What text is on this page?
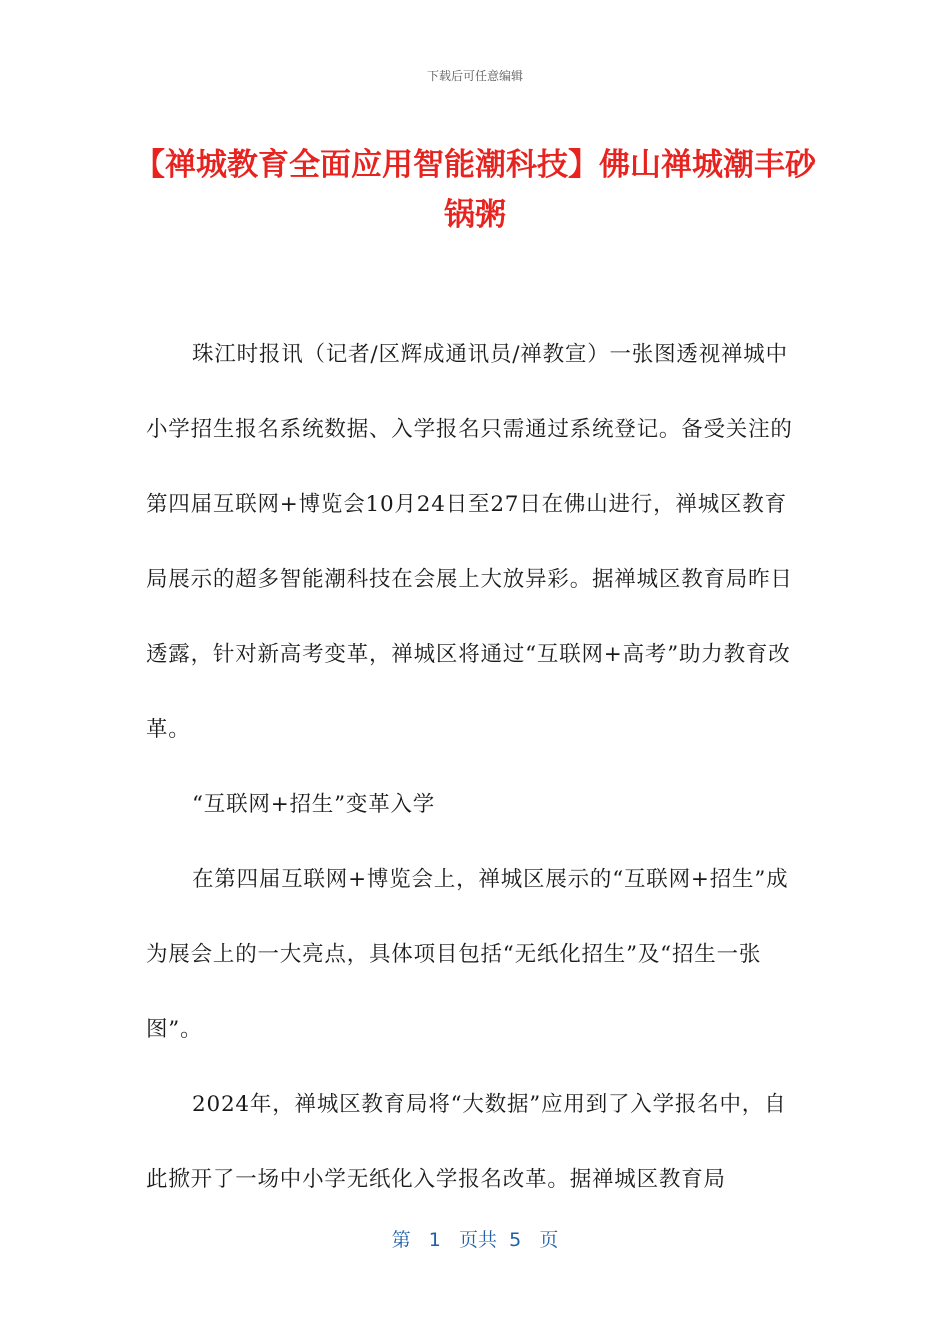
下载后可任意编辑
【禅城教育全面应用智能潮科技】佛山禅城潮丰砂锅粥

珠江时报讯（记者/区辉成通讯员/禅教宣）一张图透视禅城中小学招生报名系统数据、入学报名只需通过系统登记。备受关注的第四届互联网+博览会10月24日至27日在佛山进行，禅城区教育局展示的超多智能潮科技在会展上大放异彩。据禅城区教育局昨日透露，针对新高考变革，禅城区将通过“互联网+高考”助力教育改革。

“互联网+招生”变革入学

在第四届互联网+博览会上，禅城区展示的“互联网+招生”成为展会上的一大亮点，具体项目包括“无纸化招生”及“招生一张图”。

2024年，禅城区教育局将“大数据”应用到了入学报名中，自此掀开了一场中小学无纸化入学报名改革。据禅城区教育局

第 1 页共 5 页
